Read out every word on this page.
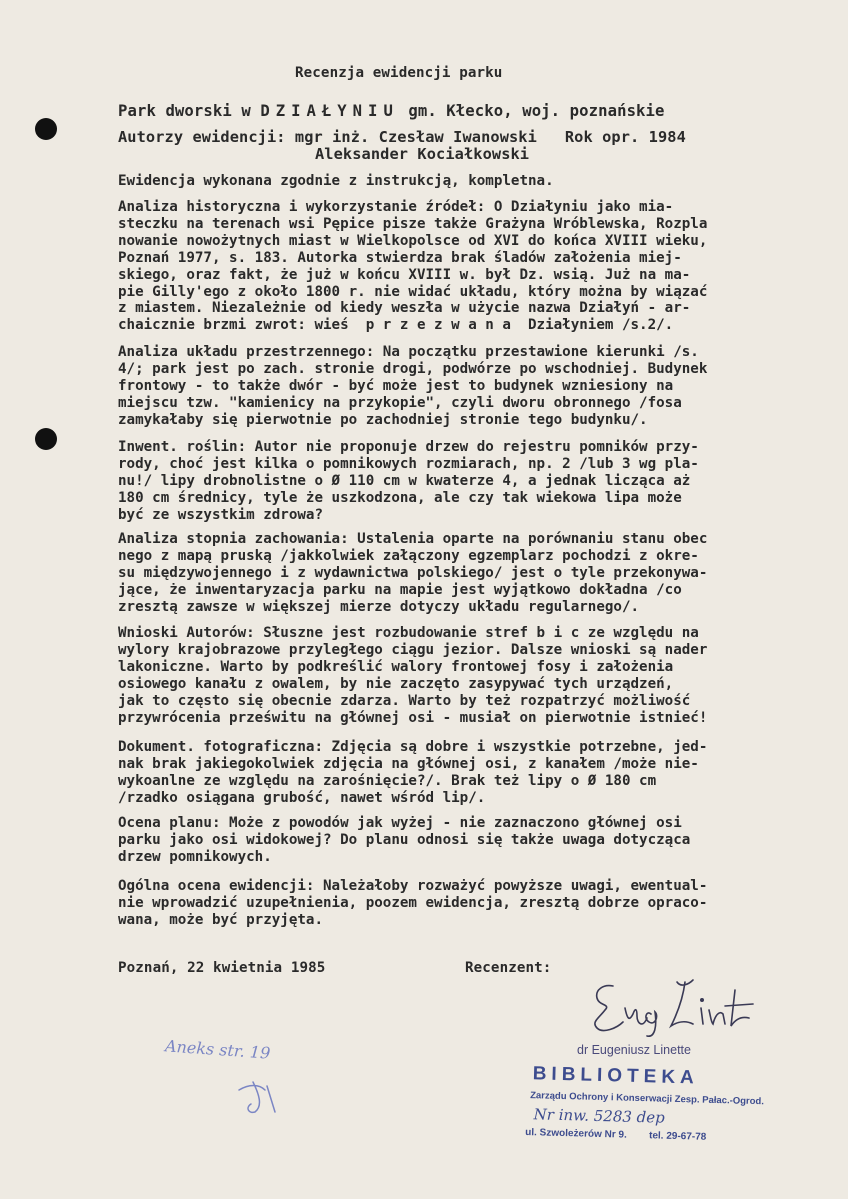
Recenzja ewidencji parku
Park dworski w DZIAŁYNIU gm. Kłecko, woj. poznańskie
Autorzy ewidencji: mgr inż. Czesław Iwanowski   Rok opr. 1984
Aleksander Kociałkowski
Ewidencja wykonana zgodnie z instrukcją, kompletna.
Analiza historyczna i wykorzystanie źródeł: O Działyniu jako mia-
steczku na terenach wsi Pępice pisze także Grażyna Wróblewska, Rozpla
nowanie nowożytnych miast w Wielkopolsce od XVI do końca XVIII wieku,
Poznań 1977, s. 183. Autorka stwierdza brak śladów założenia miej-
skiego, oraz fakt, że już w końcu XVIII w. był Dz. wsią. Już na ma-
pie Gilly'ego z około 1800 r. nie widać układu, który można by wiązać
z miastem. Niezależnie od kiedy weszła w użycie nazwa Działyń - ar-
chaicznie brzmi zwrot: wieś  p r z e z w a n a  Działyniem /s.2/.
Analiza układu przestrzennego: Na początku przestawione kierunki /s.
4/; park jest po zach. stronie drogi, podwórze po wschodniej. Budynek
frontowy - to także dwór - być może jest to budynek wzniesiony na
miejscu tzw. "kamienicy na przykopie", czyli dworu obronnego /fosa
zamykałaby się pierwotnie po zachodniej stronie tego budynku/.
Inwent. roślin: Autor nie proponuje drzew do rejestru pomników przy-
rody, choć jest kilka o pomnikowych rozmiarach, np. 2 /lub 3 wg pla-
nu!/ lipy drobnolistne o Ø 110 cm w kwaterze 4, a jednak licząca aż
180 cm średnicy, tyle że uszkodzona, ale czy tak wiekowa lipa może
być ze wszystkim zdrowa?
Analiza stopnia zachowania: Ustalenia oparte na porównaniu stanu obec
nego z mapą pruską /jakkolwiek załączony egzemplarz pochodzi z okre-
su międzywojennego i z wydawnictwa polskiego/ jest o tyle przekonywa-
jące, że inwentaryzacja parku na mapie jest wyjątkowo dokładna /co
zresztą zawsze w większej mierze dotyczy układu regularnego/.
Wnioski Autorów: Słuszne jest rozbudowanie stref b i c ze względu na
wylory krajobrazowe przyległego ciągu jezior. Dalsze wnioski są nader
lakoniczne. Warto by podkreślić walory frontowej fosy i założenia
osiowego kanału z owalem, by nie zaczęto zasypywać tych urządzeń,
jak to często się obecnie zdarza. Warto by też rozpatrzyć możliwość
przywrócenia prześwitu na głównej osi - musiał on pierwotnie istnieć!
Dokument. fotograficzna: Zdjęcia są dobre i wszystkie potrzebne, jed-
nak brak jakiegokolwiek zdjęcia na głównej osi, z kanałem /może nie-
wykoanlne ze względu na zarośnięcie?/. Brak też lipy o Ø 180 cm
/rzadko osiągana grubość, nawet wśród lip/.
Ocena planu: Może z powodów jak wyżej - nie zaznaczono głównej osi
parku jako osi widokowej? Do planu odnosi się także uwaga dotycząca
drzew pomnikowych.
Ogólna ocena ewidencji: Należałoby rozważyć powyższe uwagi, ewentual-
nie wprowadzić uzupełnienia, poozem ewidencja, zresztą dobrze opraco-
wana, może być przyjęta.
Poznań, 22 kwietnia 1985	Recenzent:
dr Eugeniusz Linette
BIBLIOTEKA
Zarządu Ochrony i Konserwacji Zesp. Pałac.-Ogrod.
Nr inw. 5283 dep
ul. Szwoleżerów Nr 9. tel. 29-67-78
Aneks str. 19
